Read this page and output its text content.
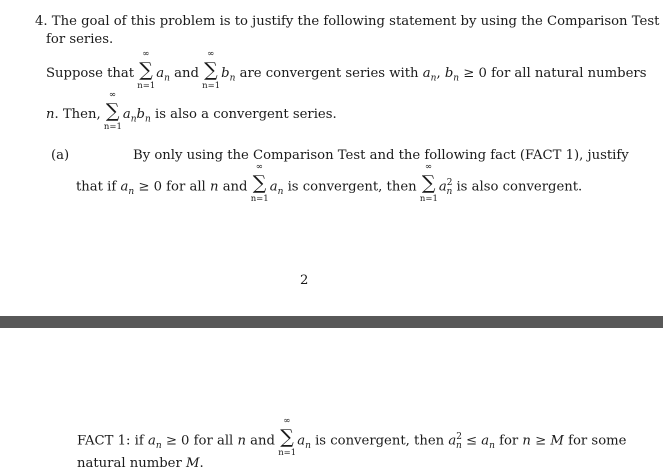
4. The goal of this problem is to justify the following statement by using the Comparison Test
for series.
Suppose that
∞
∑
n=1
$a_n$ and
∞
∑
n=1
$b_n$ are convergent series with $a_n$, $b_n \ge 0$ for all natural numbers
n. Then,
∞
∑
n=1
$a_nb_n$ is also a convergent series.
(a)	By only using the Comparison Test and the following fact (FACT 1), justify
that if $a_n \ge 0$ for all n and
∞
∑
n=1
$a_n$ is convergent, then
∞
∑
n=1
$a^2_n$ is also convergent.
2
FACT 1: if $a_n \ge 0$ for all n and
∞
∑
n=1
$a_n$ is convergent, then $a^2_n \le a_n$ for n ≥ M for some
natural number M.
